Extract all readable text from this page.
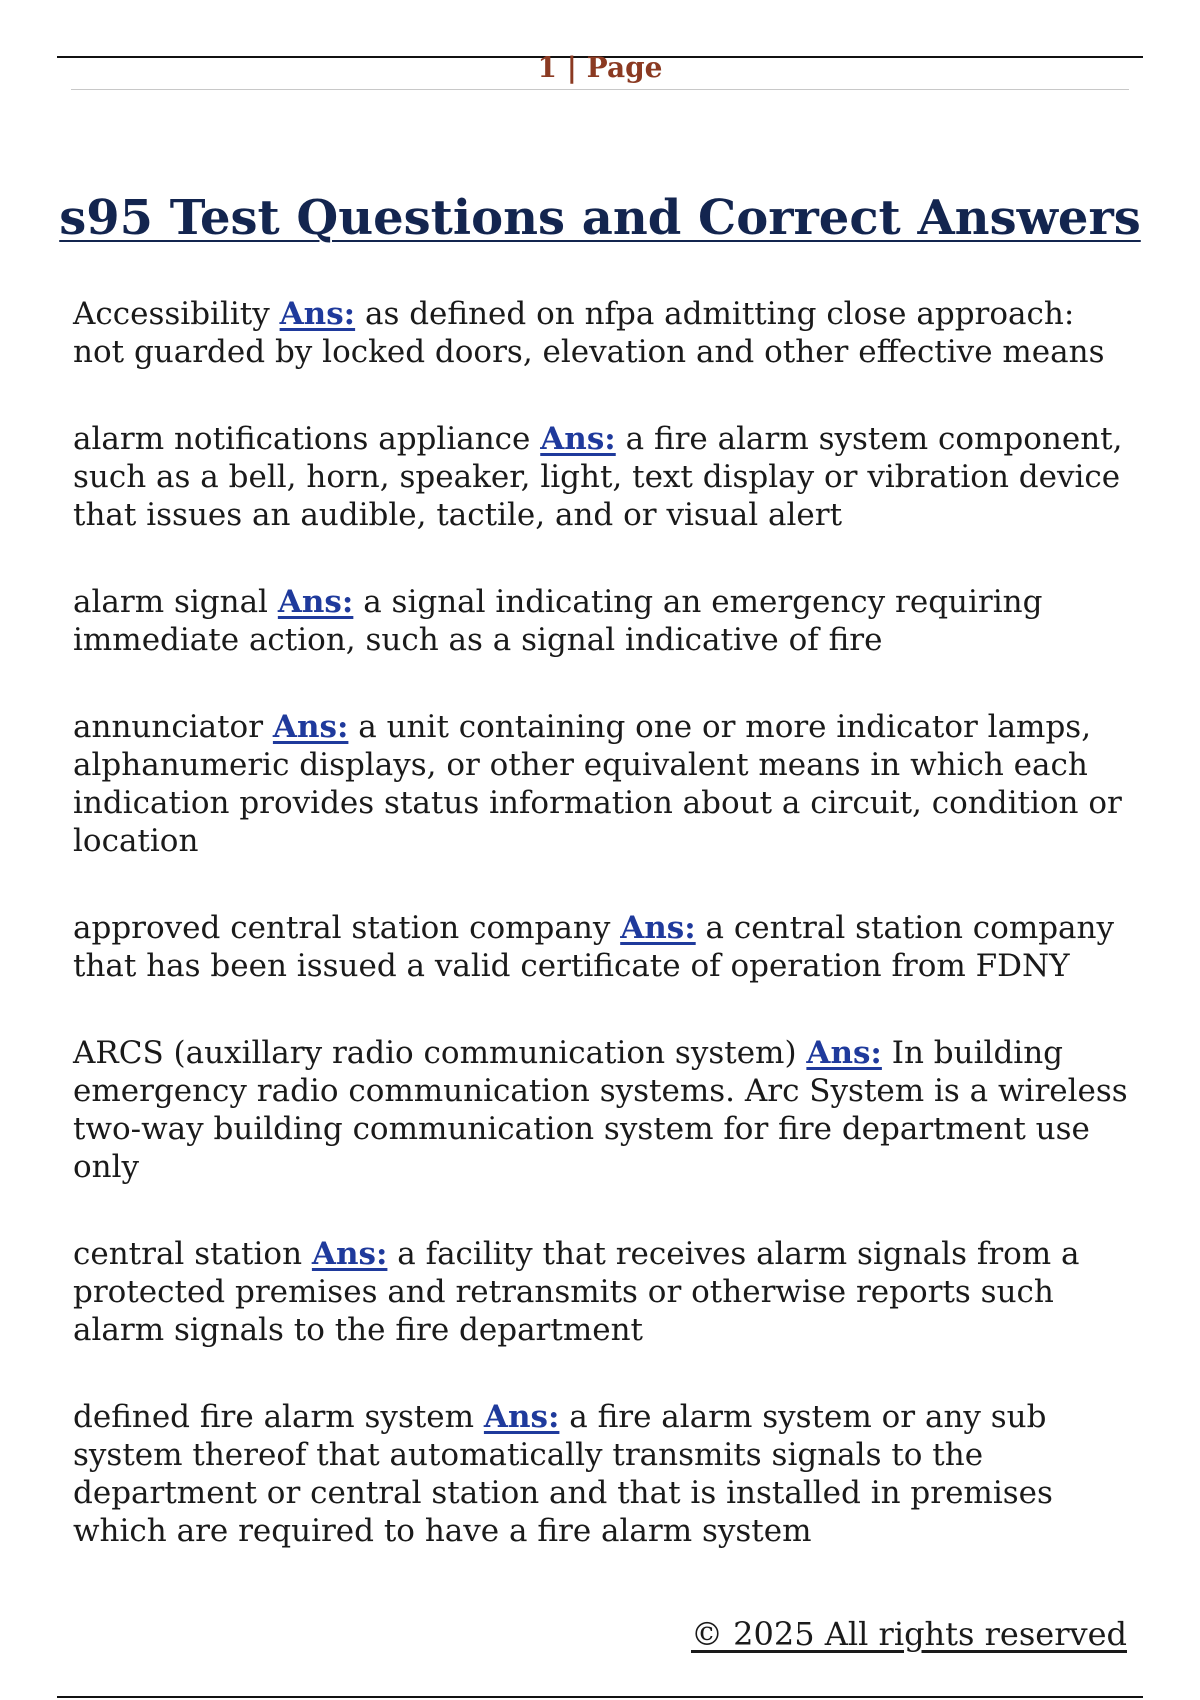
1 | Page
s95 Test Questions and Correct Answers

Accessibility Ans: as defined on nfpa admitting close approach:
not guarded by locked doors, elevation and other effective means

alarm notifications appliance Ans: a fire alarm system component,
such as a bell, horn, speaker, light, text display or vibration device
that issues an audible, tactile, and or visual alert

alarm signal Ans: a signal indicating an emergency requiring
immediate action, such as a signal indicative of fire

annunciator Ans: a unit containing one or more indicator lamps,
alphanumeric displays, or other equivalent means in which each
indication provides status information about a circuit, condition or
location

approved central station company Ans: a central station company
that has been issued a valid certificate of operation from FDNY

ARCS (auxillary radio communication system) Ans: In building
emergency radio communication systems. Arc System is a wireless
two-way building communication system for fire department use
only

central station Ans: a facility that receives alarm signals from a
protected premises and retransmits or otherwise reports such
alarm signals to the fire department

defined fire alarm system Ans: a fire alarm system or any sub
system thereof that automatically transmits signals to the
department or central station and that is installed in premises
which are required to have a fire alarm system

© 2025 All rights reserved
